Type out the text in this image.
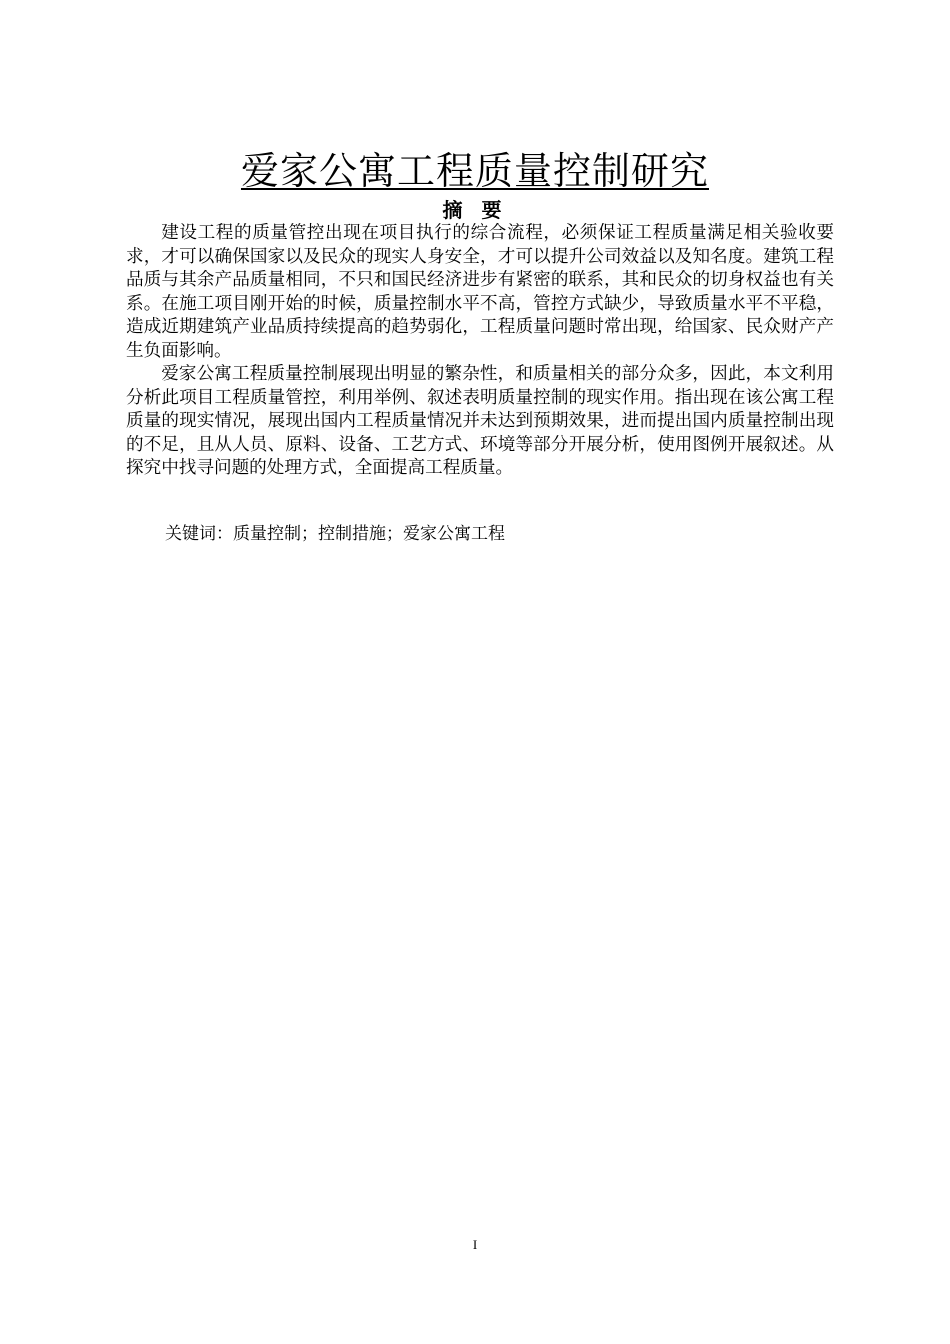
爱家公寓工程质量控制研究
摘 要

建设工程的质量管控出现在项目执行的综合流程，必须保证工程质量满足相关验收要求，才可以确保国家以及民众的现实人身安全，才可以提升公司效益以及知名度。建筑工程品质与其余产品质量相同，不只和国民经济进步有紧密的联系，其和民众的切身权益也有关系。在施工项目刚开始的时候，质量控制水平不高，管控方式缺少，导致质量水平不平稳，造成近期建筑产业品质持续提高的趋势弱化，工程质量问题时常出现，给国家、民众财产产生负面影响。

爱家公寓工程质量控制展现出明显的繁杂性，和质量相关的部分众多，因此，本文利用分析此项目工程质量管控，利用举例、叙述表明质量控制的现实作用。指出现在该公寓工程质量的现实情况，展现出国内工程质量情况并未达到预期效果，进而提出国内质量控制出现的不足，且从人员、原料、设备、工艺方式、环境等部分开展分析，使用图例开展叙述。从探究中找寻问题的处理方式，全面提高工程质量。

关键词：质量控制；控制措施；爱家公寓工程
I
